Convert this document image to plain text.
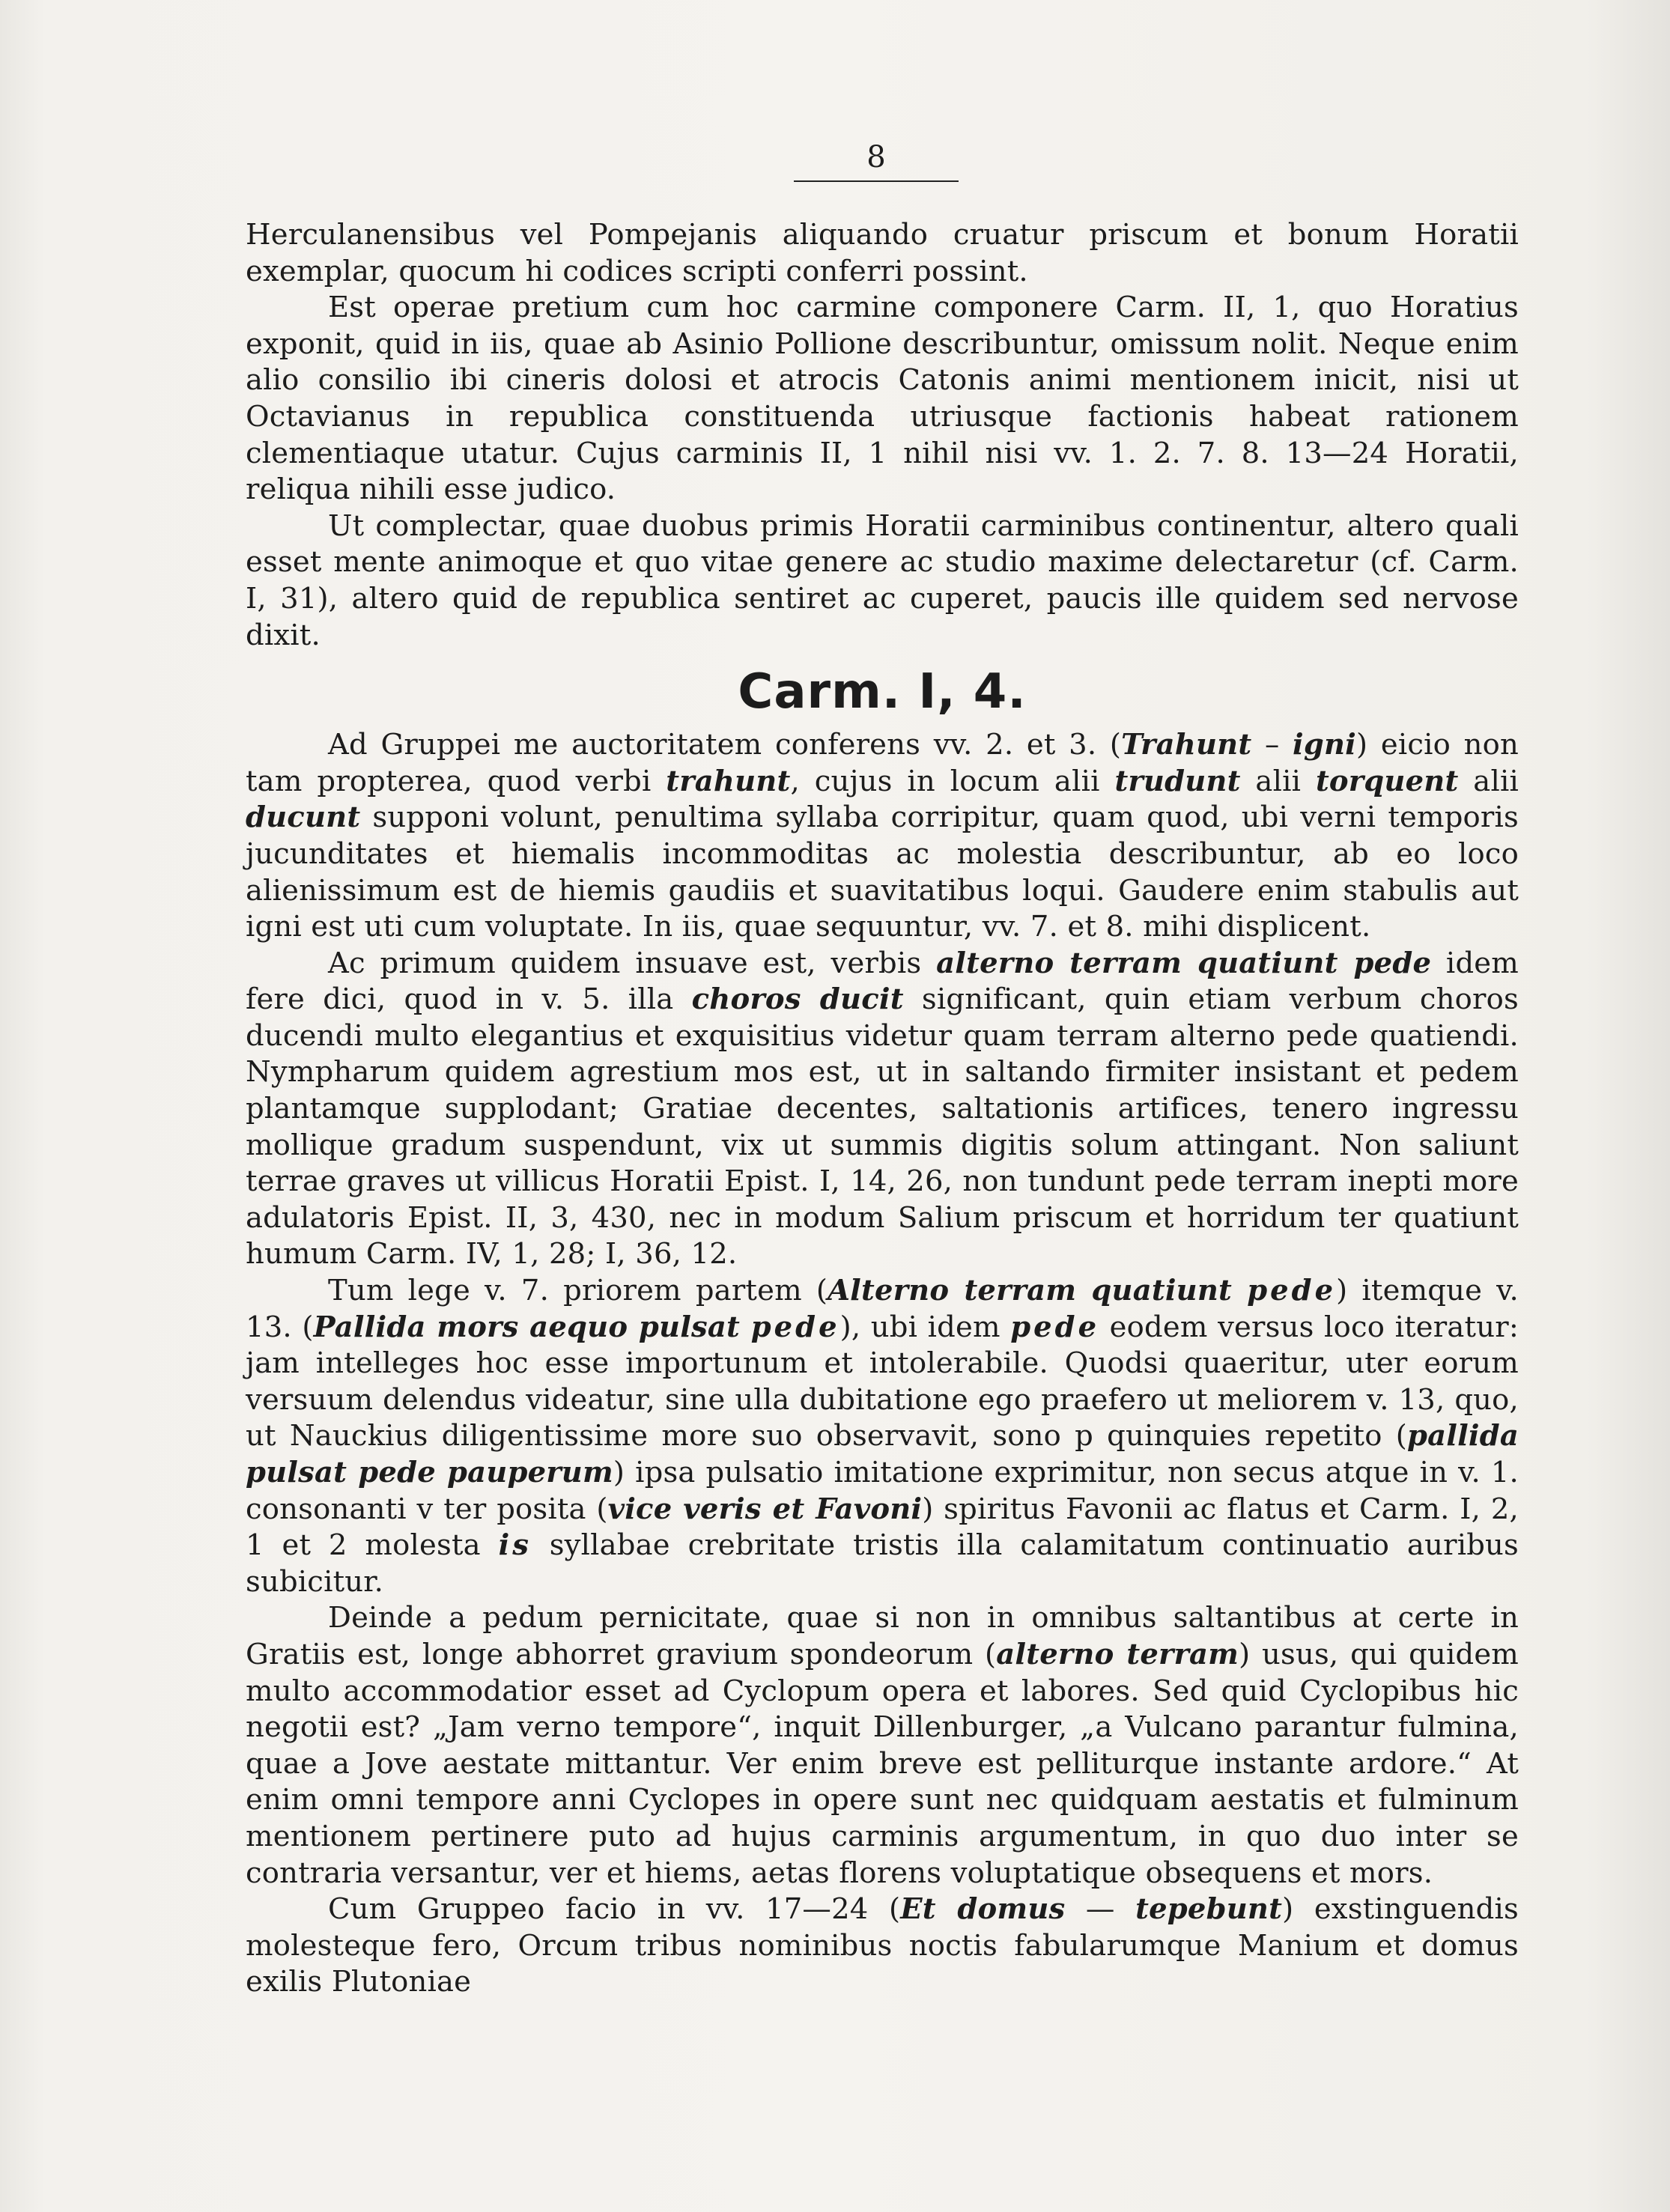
8

Herculanensibus vel Pompejanis aliquando cruatur priscum et bonum Horatii exemplar, quocum hi codices scripti conferri possint.

Est operae pretium cum hoc carmine componere Carm. II, 1, quo Horatius exponit, quid in iis, quae ab Asinio Pollione describuntur, omissum nolit. Neque enim alio consilio ibi cineris dolosi et atrocis Catonis animi mentionem inicit, nisi ut Octavianus in republica constituenda utriusque factionis habeat rationem clementiaque utatur. Cujus carminis II, 1 nihil nisi vv. 1. 2. 7. 8. 13—24 Horatii, reliqua nihili esse judico.

Ut complectar, quae duobus primis Horatii carminibus continentur, altero quali esset mente animoque et quo vitae genere ac studio maxime delectaretur (cf. Carm. I, 31), altero quid de republica sentiret ac cuperet, paucis ille quidem sed nervose dixit.

Carm. I, 4.

Ad Gruppei me auctoritatem conferens vv. 2. et 3. (Trahunt – igni) eicio non tam propterea, quod verbi trahunt, cujus in locum alii trudunt alii torquent alii ducunt supponi volunt, penultima syllaba corripitur, quam quod, ubi verni temporis jucunditates et hiemalis incommoditas ac molestia describuntur, ab eo loco alienissimum est de hiemis gaudiis et suavitatibus loqui. Gaudere enim stabulis aut igni est uti cum voluptate. In iis, quae sequuntur, vv. 7. et 8. mihi displicent.

Ac primum quidem insuave est, verbis alterno terram quatiunt pede idem fere dici, quod in v. 5. illa choros ducit significant, quin etiam verbum choros ducendi multo elegantius et exquisitius videtur quam terram alterno pede quatiendi. Nympharum quidem agrestium mos est, ut in saltando firmiter insistant et pedem plantamque supplodant; Gratiae decentes, saltationis artifices, tenero ingressu mollique gradum suspendunt, vix ut summis digitis solum attingant. Non saliunt terrae graves ut villicus Horatii Epist. I, 14, 26, non tundunt pede terram inepti more adulatoris Epist. II, 3, 430, nec in modum Salium priscum et horridum ter quatiunt humum Carm. IV, 1, 28; I, 36, 12.

Tum lege v. 7. priorem partem (Alterno terram quatiunt pede) itemque v. 13. (Pallida mors aequo pulsat pede), ubi idem pede eodem versus loco iteratur: jam intelleges hoc esse importunum et intolerabile. Quodsi quaeritur, uter eorum versuum delendus videatur, sine ulla dubitatione ego praefero ut meliorem v. 13, quo, ut Nauckius diligentissime more suo observavit, sono p quinquies repetito (pallida pulsat pede pauperum) ipsa pulsatio imitatione exprimitur, non secus atque in v. 1. consonanti v ter posita (vice veris et Favoni) spiritus Favonii ac flatus et Carm. I, 2, 1 et 2 molesta is syllabae crebritate tristis illa calamitatum continuatio auribus subicitur.

Deinde a pedum pernicitate, quae si non in omnibus saltantibus at certe in Gratiis est, longe abhorret gravium spondeorum (alterno terram) usus, qui quidem multo accommodatior esset ad Cyclopum opera et labores. Sed quid Cyclopibus hic negotii est? „Jam verno tempore“, inquit Dillenburger, „a Vulcano parantur fulmina, quae a Jove aestate mittantur. Ver enim breve est pelliturque instante ardore.“ At enim omni tempore anni Cyclopes in opere sunt nec quidquam aestatis et fulminum mentionem pertinere puto ad hujus carminis argumentum, in quo duo inter se contraria versantur, ver et hiems, aetas florens voluptatique obsequens et mors.

Cum Gruppeo facio in vv. 17—24 (Et domus — tepebunt) exstinguendis molesteque fero, Orcum tribus nominibus noctis fabularumque Manium et domus exilis Plutoniae
